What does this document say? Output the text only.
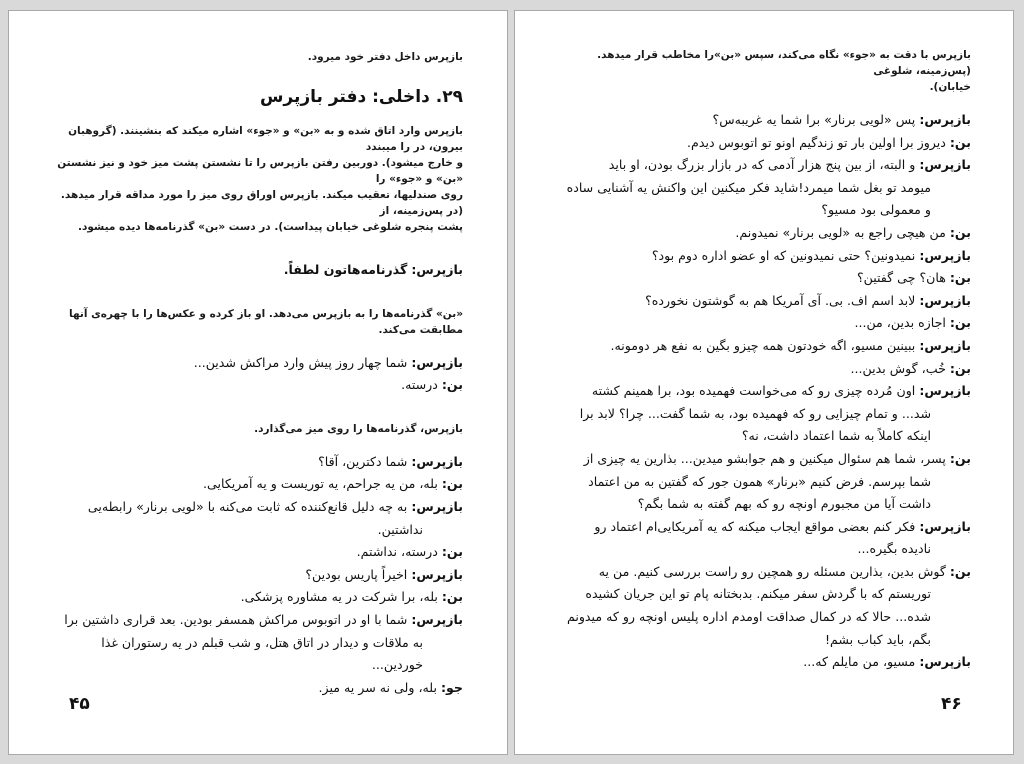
بازپرس داخل دفتر خود میرود.
۲۹. داخلی: دفتر بازپرس
بازپرس وارد اتاق شده و به «بن» و «جوء» اشاره میکند که بنشینند. (گروهبان بیرون، در را میبندد
و خارج میشود). دوربین رفتن بازپرس را تا نشستن پشت میز خود و نیز نشستن «بن» و «جوء» را
روی صندلیها، تعقیب میکند. بازپرس اوراق روی میز را مورد مداقه قرار میدهد. (در پس‌زمینه، از
پشت پنجره شلوغی خیابان پیداست). در دست «بن» گذرنامه‌ها دیده میشود.
بازپرس: گذرنامه‌هاتون لطفاً.
«بن» گذرنامه‌ها را به بازپرس می‌دهد. او باز کرده و عکس‌ها را با چهره‌ی آنها مطابقت می‌کند.
بازپرس: شما چهار روز پیش وارد مراکش شدین...
بن: درسته.
بازپرس، گذرنامه‌ها را روی میز می‌گذارد.
بازپرس: شما دکترین، آقا؟
بن: بله، من یه جراحم، یه توریست و یه آمریکایی.
بازپرس: به چه دلیل قانع‌کننده که ثابت می‌کنه با «لویی برنار» رابطه‌یی
نداشتین.
بن: درسته، نداشتم.
بازپرس: اخیراً پاریس بودین؟
بن: بله، برا شرکت در یه مشاوره پزشکی.
بازپرس: شما با او در اتوبوس مراکش همسفر بودین. بعد قراری داشتین برا
به ملاقات و دیدار در اتاق هتل، و شب قبلم در یه رستوران غذا
خوردین...
جو: بله، ولی نه سر یه میز.
۴۵
بازپرس با دقت به «جوء» نگاه می‌کند، سپس «بن»را مخاطب قرار میدهد. (پس‌زمینه، شلوغی
خیابان).
بازپرس: پس «لویی برنار» برا شما یه غریبه‌س؟
بن: دیروز برا اولین بار تو زندگیم اونو تو اتوبوس دیدم.
بازپرس: و البته، از بین پنج هزار آدمی که در بازار بزرگ بودن، او باید
میومد تو بغل شما میمرد!شاید فکر میکنین این واکنش یه آشنایی ساده
و معمولی بود مسیو؟
بن: من هیچی راجع به «لویی برنار» نمیدونم.
بازپرس: نمیدونین؟ حتی نمیدونین که او عضو اداره دوم بود؟
بن: هان؟ چی گفتین؟
بازپرس: لابد اسم اف. بی. آی آمریکا هم به گوشتون نخورده؟
بن: اجازه بدین، من...
بازپرس: ببینین مسیو، اگه خودتون همه چیزو بگین به نفع هر دومونه.
بن: خُب، گوش بدین...
بازپرس: اون مُرده چیزی رو که می‌خواست فهمیده بود، برا همینم کشته
شد... و تمام چیزایی رو که فهمیده بود، به شما گفت... چرا؟ لابد برا
اینکه کاملاً به شما اعتماد داشت، نه؟
بن: پسر، شما هم سئوال میکنین و هم جوابشو میدین... بذارین یه چیزی از
شما بپرسم. فرض کنیم «برنار» همون جور که گفتین به من اعتماد
داشت آیا من مجبورم اونچه رو که بهم گفته به شما بگم؟
بازپرس: فکر کنم بعضی مواقع ایجاب میکنه که یه آمریکایی‌ام اعتماد رو
نادیده بگیره...
بن: گوش بدین، بذارین مسئله رو همچین رو راست بررسی کنیم. من یه
توریستم که با گردش سفر میکنم. بدبختانه پام تو این جریان کشیده
شده... حالا که در کمال صداقت اومدم اداره پلیس اونچه رو که میدونم
بگم، باید کباب بشم!
بازپرس: مسیو، من مایلم که...
۴۶
